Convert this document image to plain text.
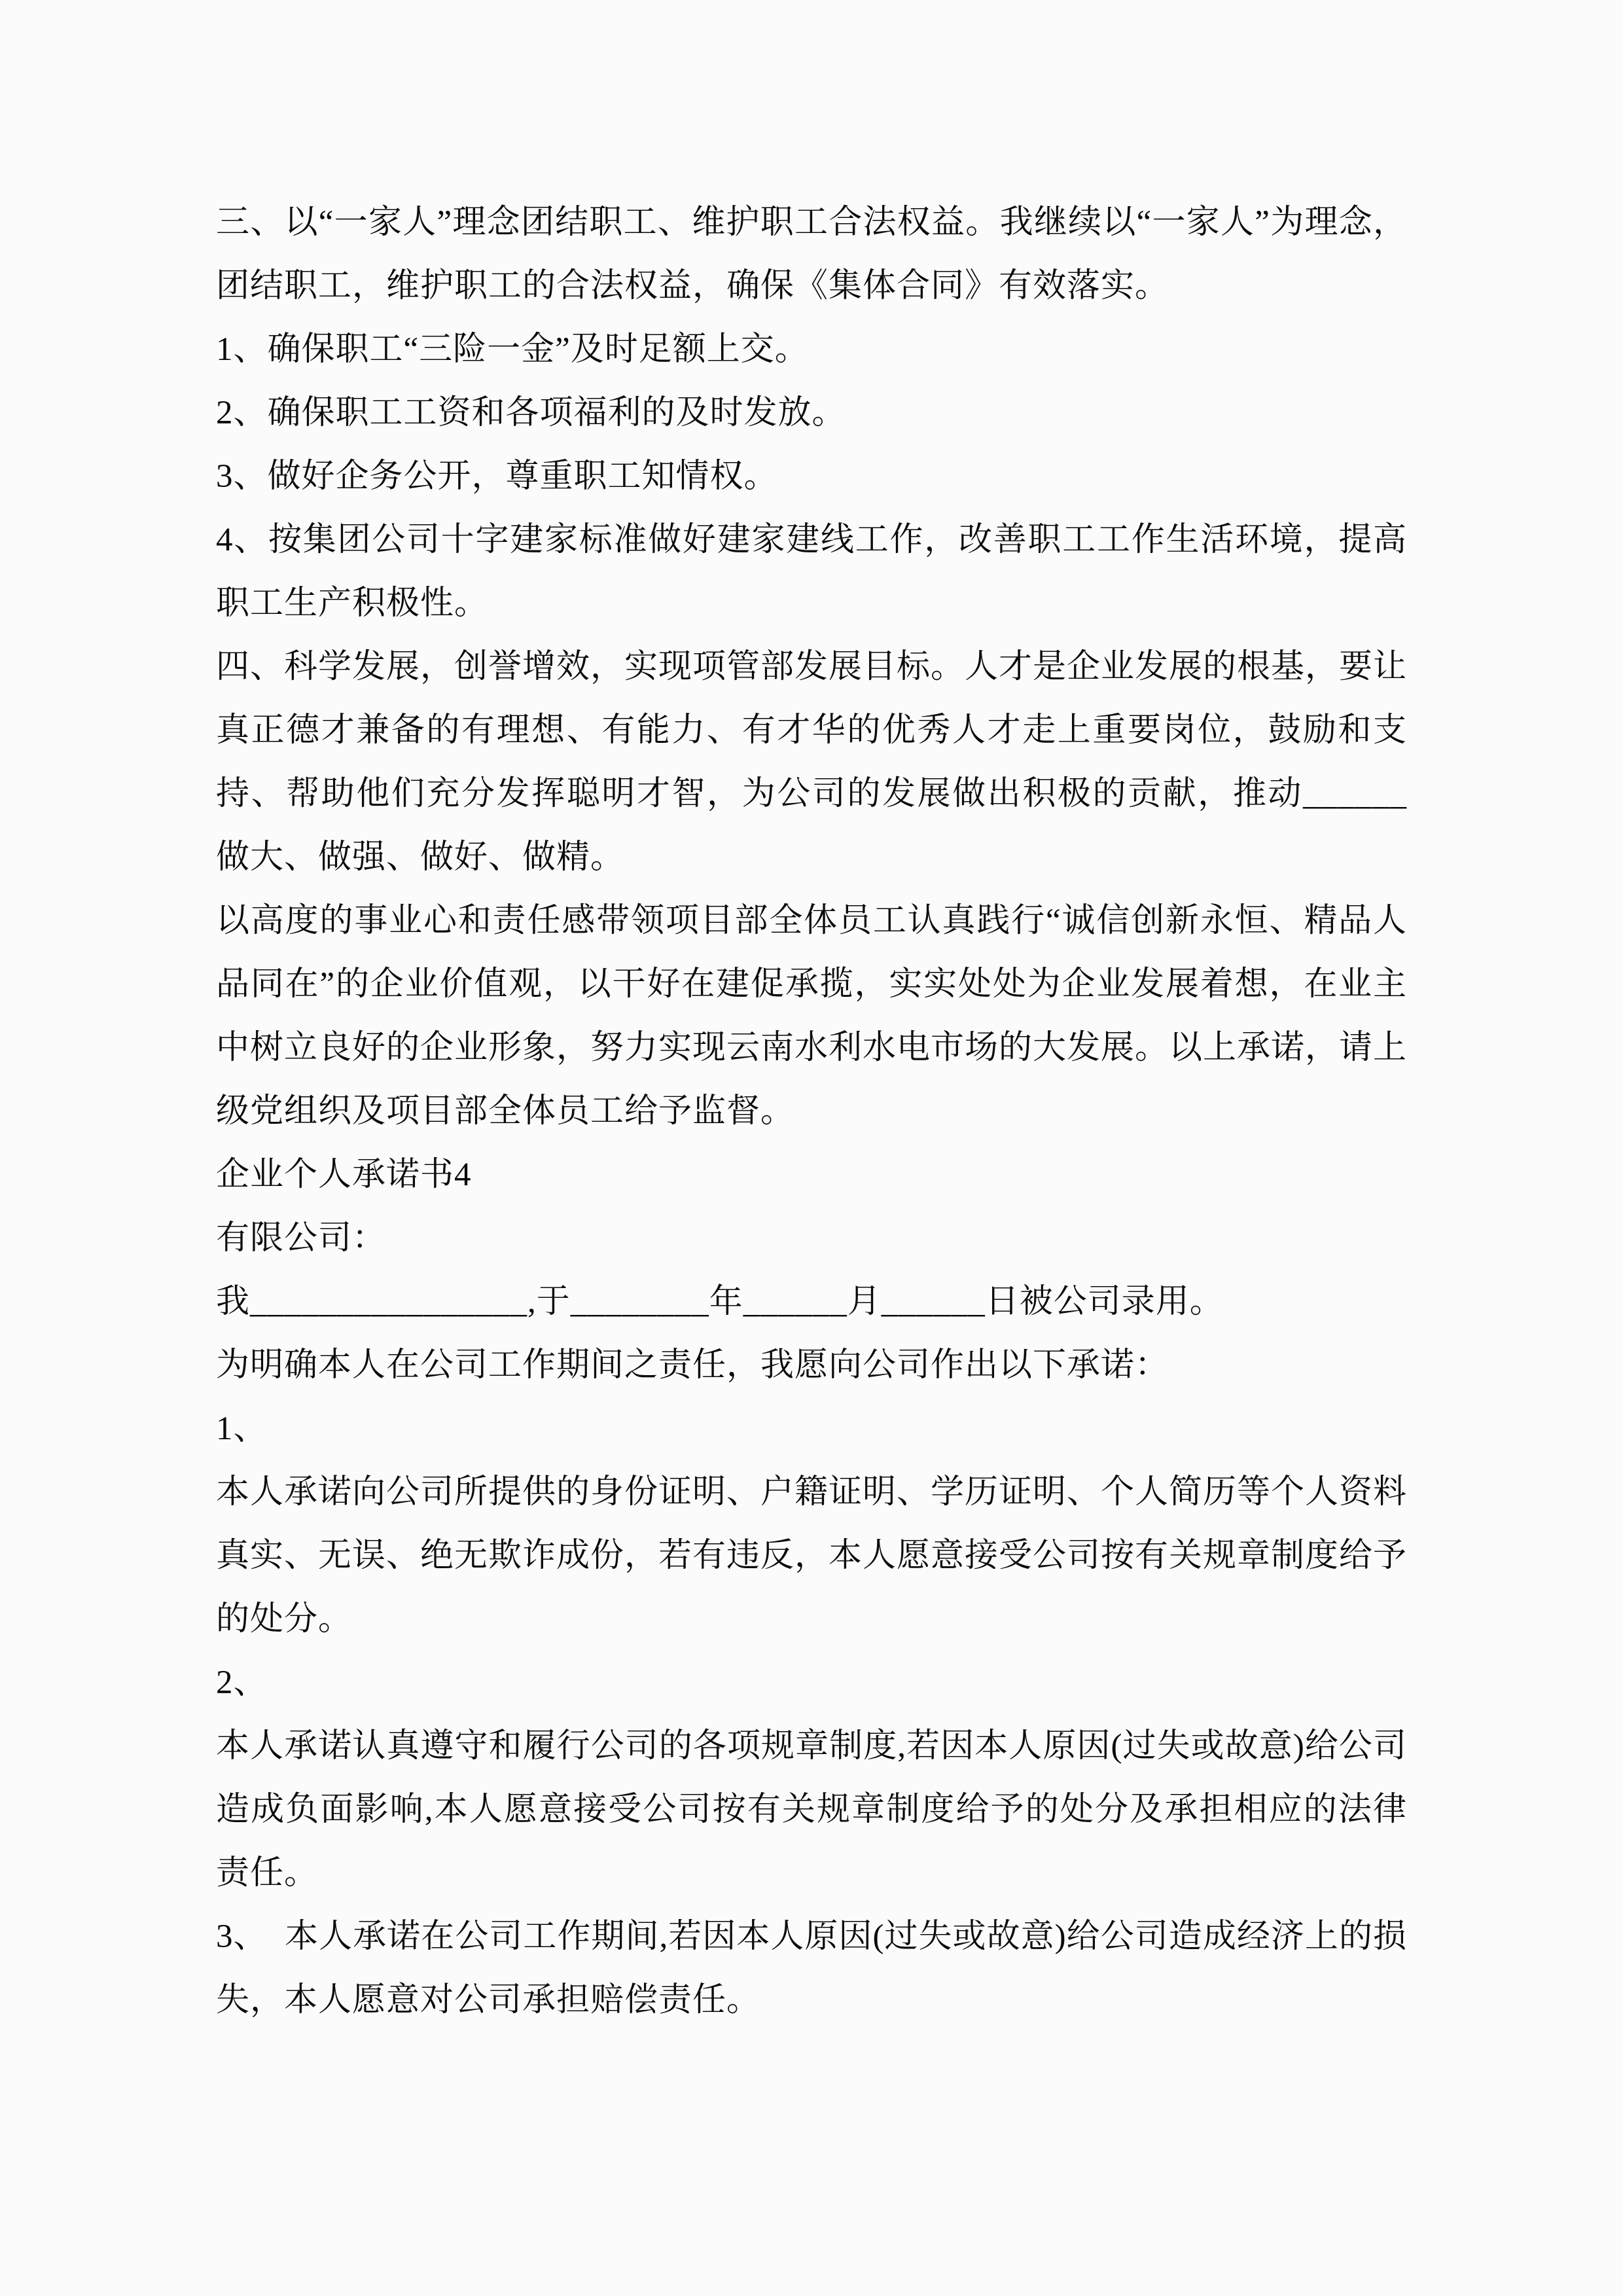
三、以“一家人”理念团结职工、维护职工合法权益。我继续以“一家人”为理念，团结职工，维护职工的合法权益，确保《集体合同》有效落实。

1、确保职工“三险一金”及时足额上交。

2、确保职工工资和各项福利的及时发放。

3、做好企务公开，尊重职工知情权。

4、按集团公司十字建家标准做好建家建线工作，改善职工工作生活环境，提高职工生产积极性。

四、科学发展，创誉增效，实现项管部发展目标。人才是企业发展的根基，要让真正德才兼备的有理想、有能力、有才华的优秀人才走上重要岗位，鼓励和支持、帮助他们充分发挥聪明才智，为公司的发展做出积极的贡献，推动______做大、做强、做好、做精。

以高度的事业心和责任感带领项目部全体员工认真践行“诚信创新永恒、精品人品同在”的企业价值观，以干好在建促承揽，实实处处为企业发展着想，在业主中树立良好的企业形象，努力实现云南水利水电市场的大发展。以上承诺，请上级党组织及项目部全体员工给予监督。

企业个人承诺书4

有限公司：

我________________,于________年______月______日被公司录用。

为明确本人在公司工作期间之责任，我愿向公司作出以下承诺：

1、

本人承诺向公司所提供的身份证明、户籍证明、学历证明、个人简历等个人资料真实、无误、绝无欺诈成份，若有违反，本人愿意接受公司按有关规章制度给予的处分。

2、

本人承诺认真遵守和履行公司的各项规章制度,若因本人原因(过失或故意)给公司造成负面影响,本人愿意接受公司按有关规章制度给予的处分及承担相应的法律责任。

3、　本人承诺在公司工作期间,若因本人原因(过失或故意)给公司造成经济上的损失，本人愿意对公司承担赔偿责任。
